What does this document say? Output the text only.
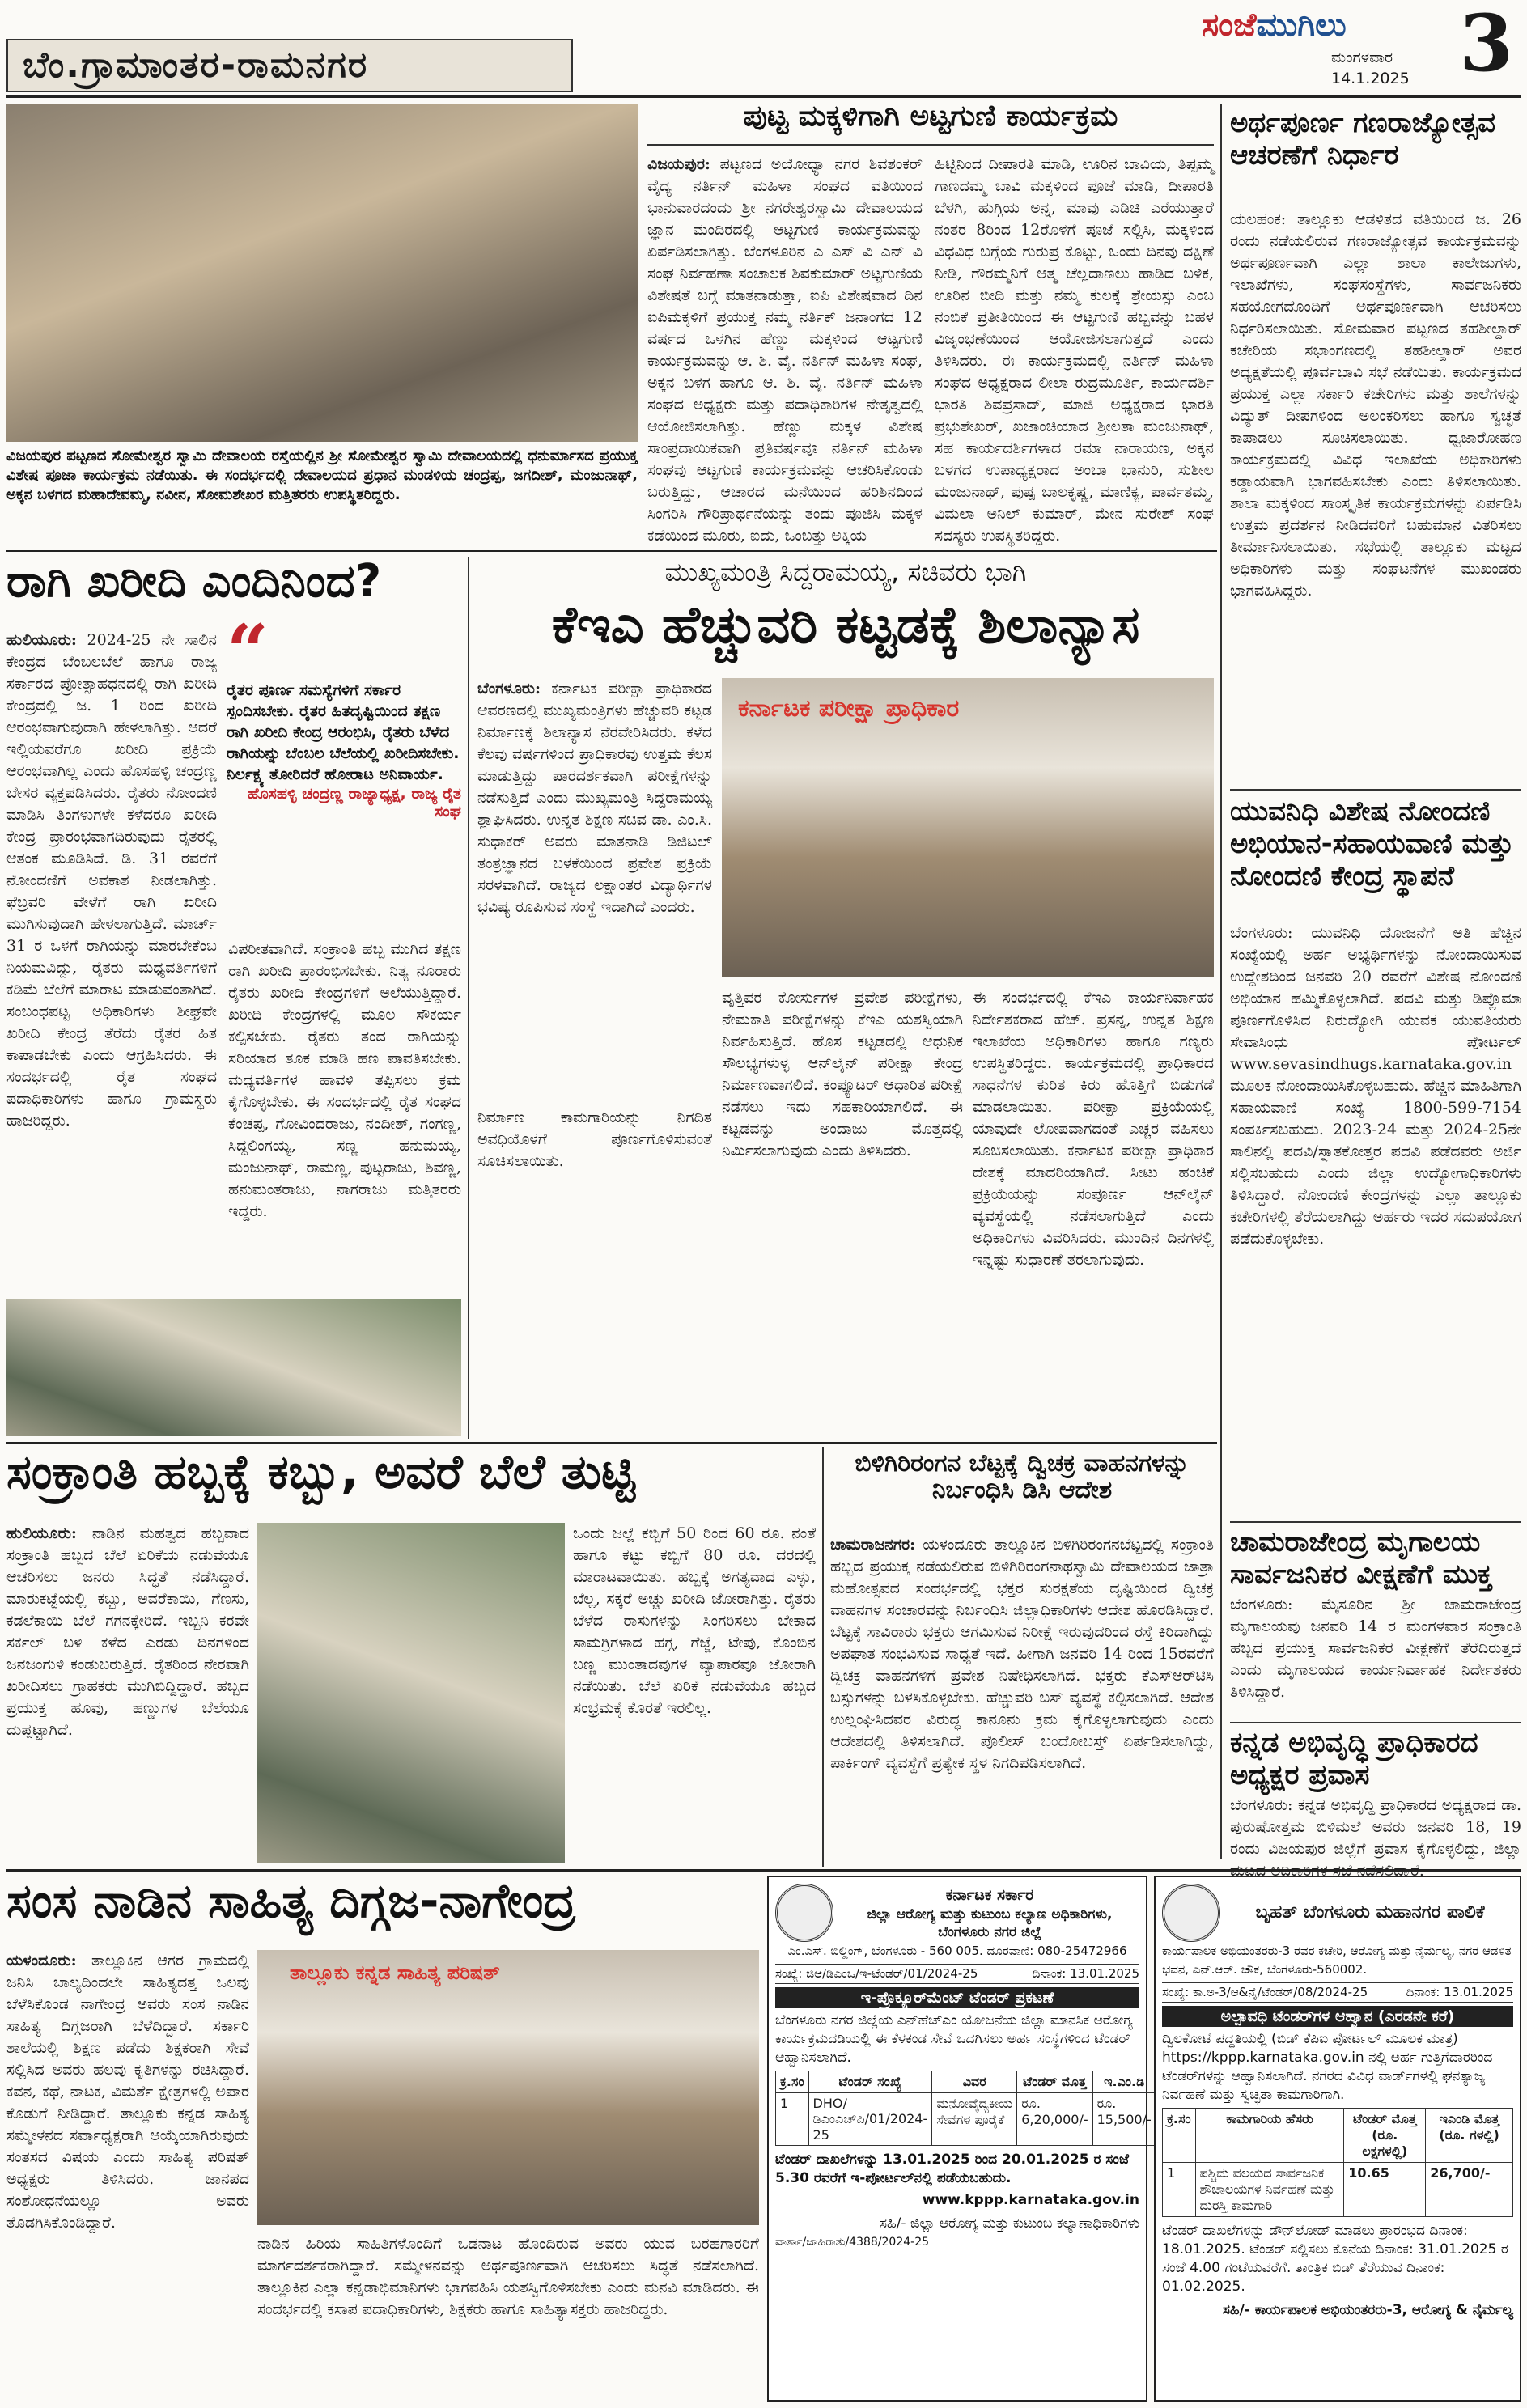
ಬೆಂ.ಗ್ರಾಮಾಂತರ-ರಾಮನಗರ
ಸಂಜೆಮುಗಿಲು
ಮಂಗಳವಾರ
14.1.2025 3
ವಿಜಯಪುರ ಪಟ್ಟಣದ ಸೋಮೇಶ್ವರ ಸ್ವಾಮಿ ದೇವಾಲಯ ರಸ್ತೆಯಲ್ಲಿನ ಶ್ರೀ ಸೋಮೇಶ್ವರ ಸ್ವಾಮಿ ದೇವಾಲಯದಲ್ಲಿ ಧನುರ್ಮಾಸದ ಪ್ರಯುಕ್ತ ವಿಶೇಷ ಪೂಜಾ ಕಾರ್ಯಕ್ರಮ ನಡೆಯಿತು. ಈ ಸಂದರ್ಭದಲ್ಲಿ ದೇವಾಲಯದ ಪ್ರಧಾನ ಮಂಡಳಿಯ ಚಂದ್ರಪ್ಪ, ಜಗದೀಶ್, ಮಂಜುನಾಥ್, ಅಕ್ಕನ ಬಳಗದ ಮಹಾದೇವಮ್ಮ, ನವೀನ, ಸೋಮಶೇಖರ ಮತ್ತಿತರರು ಉಪಸ್ಥಿತರಿದ್ದರು.
ಪುಟ್ಟ ಮಕ್ಕಳಿಗಾಗಿ ಅಟ್ಟಗುಣಿ ಕಾರ್ಯಕ್ರಮ
ವಿಜಯಪುರ: ಪಟ್ಟಣದ ಅಯೋಧ್ಯಾ ನಗರ ಶಿವಶಂಕರ್ ವೈದ್ಯ ನರ್ತಿನ್ ಮಹಿಳಾ ಸಂಘದ ವತಿಯಿಂದ ಭಾನುವಾರದಂದು ಶ್ರೀ ನಗರೇಶ್ವರಸ್ವಾಮಿ ದೇವಾಲಯದ ಜ್ಞಾನ ಮಂದಿರದಲ್ಲಿ ಆಟ್ಟಗುಣಿ ಕಾರ್ಯಕ್ರಮವನ್ನು ಏರ್ಪಡಿಸಲಾಗಿತ್ತು. ಬೆಂಗಳೂರಿನ ಎ ಎಸ್ ವಿ ಎನ್ ವಿ ಸಂಘ ನಿರ್ವಹಣಾ ಸಂಚಾಲಕ ಶಿವಕುಮಾರ್ ಅಟ್ಟಗುಣಿಯ ವಿಶೇಷತೆ ಬಗ್ಗೆ ಮಾತನಾಡುತ್ತಾ, ಐಪಿ ವಿಶೇಷವಾದ ದಿನ ಐಪಿಮಕ್ಕಳಿಗೆ ಪ್ರಯುಕ್ತ ನಮ್ಮ ನರ್ತಿಕ್ ಜನಾಂಗದ 12 ವರ್ಷದ ಒಳಗಿನ ಹೆಣ್ಣು ಮಕ್ಕಳಿಂದ ಆಟ್ಟಗುಣಿ ಕಾರ್ಯಕ್ರಮವನ್ನು ಆ. ಶಿ. ವೈ. ನರ್ತಿನ್ ಮಹಿಳಾ ಸಂಘ, ಅಕ್ಕನ ಬಳಗ ಹಾಗೂ ಆ. ಶಿ. ವೈ. ನರ್ತಿನ್ ಮಹಿಳಾ ಸಂಘದ ಅಧ್ಯಕ್ಷರು ಮತ್ತು ಪದಾಧಿಕಾರಿಗಳ ನೇತೃತ್ವದಲ್ಲಿ ಆಯೋಜಿಸಲಾಗಿತ್ತು. ಹೆಣ್ಣು ಮಕ್ಕಳ ವಿಶೇಷ ಸಾಂಪ್ರದಾಯಿಕವಾಗಿ ಪ್ರತಿವರ್ಷವೂ ನರ್ತಿನ್ ಮಹಿಳಾ ಸಂಘವು ಆಟ್ಟಗುಣಿ ಕಾರ್ಯಕ್ರಮವನ್ನು ಆಚರಿಸಿಕೊಂಡು ಬರುತ್ತಿದ್ದು, ಆಚಾರದ ಮನೆಯಿಂದ ಹರಿಶಿನದಿಂದ ಸಿಂಗರಿಸಿ ಗೌರಿಪ್ರಾರ್ಥನೆಯನ್ನು ತಂದು ಪೂಜಿಸಿ ಮಕ್ಕಳ ಕಡೆಯಿಂದ ಮೂರು, ಐದು, ಒಂಬತ್ತು ಅಕ್ಕಿಯ
ಹಿಟ್ಟಿನಿಂದ ದೀಪಾರತಿ ಮಾಡಿ, ಊರಿನ ಬಾವಿಯ, ತಿಪ್ಪಮ್ಮ ಗಾಣದಮ್ಮ ಬಾವಿ ಮಕ್ಕಳಿಂದ ಪೂಜೆ ಮಾಡಿ, ದೀಪಾರತಿ ಬೆಳಗಿ, ಹುಗ್ಗಿಯ ಅನ್ನ, ಮಾವು ಎಡಿಚಿ ಎರೆಯುತ್ತಾರೆ ನಂತರ 8ರಿಂದ 12ರೊಳಗೆ ಪೂಜೆ ಸಲ್ಲಿಸಿ, ಮಕ್ಕಳಿಂದ ವಿಧವಿಧ ಬಗ್ಗೆಯ ಗುರುಪ್ರ ಕೊಟ್ಟು, ಒಂದು ದಿನವು ದಕ್ಷಿಣೆ ನೀಡಿ, ಗೌರಮ್ಮನಿಗೆ ಆತ್ಮ ಚೆಲ್ಲದಾಣಲು ಹಾಡಿದ ಬಳಿಕ, ಊರಿನ ಬೀದಿ ಮತ್ತು ನಮ್ಮ ಕುಲಕ್ಕೆ ಶ್ರೇಯಸ್ಸು ಎಂಬ ನಂಬಿಕೆ ಪ್ರತೀತಿಯಿಂದ ಈ ಆಟ್ಟಗುಣಿ ಹಬ್ಬವನ್ನು ಬಹಳ ವಿಜೃಂಭಣೆಯಿಂದ ಆಯೋಜಿಸಲಾಗುತ್ತದೆ ಎಂದು ತಿಳಿಸಿದರು. ಈ ಕಾರ್ಯಕ್ರಮದಲ್ಲಿ ನರ್ತಿನ್ ಮಹಿಳಾ ಸಂಘದ ಅಧ್ಯಕ್ಷರಾದ ಲೀಲಾ ರುದ್ರಮೂರ್ತಿ, ಕಾರ್ಯದರ್ಶಿ ಭಾರತಿ ಶಿವಪ್ರಸಾದ್, ಮಾಜಿ ಅಧ್ಯಕ್ಷರಾದ ಭಾರತಿ ಪ್ರಭುಶೇಖರ್, ಖಜಾಂಚಿಯಾದ ಶ್ರೀಲತಾ ಮಂಜುನಾಥ್, ಸಹ ಕಾರ್ಯದರ್ಶಿಗಳಾದ ರಮಾ ನಾರಾಯಣ, ಅಕ್ಕನ ಬಳಗದ ಉಪಾಧ್ಯಕ್ಷರಾದ ಅಂಬಾ ಭಾನುರಿ, ಸುಶೀಲ ಮಂಜುನಾಥ್, ಪುಷ್ಪ ಬಾಲಕೃಷ್ಣ, ಮಾಣಿಕ್ಯ, ಪಾರ್ವತಮ್ಮ, ವಿಮಲಾ ಅನಿಲ್ ಕುಮಾರ್, ಮೇನ ಸುರೇಶ್ ಸಂಘ ಸದಸ್ಯರು ಉಪಸ್ಥಿತರಿದ್ದರು.
ಅರ್ಥಪೂರ್ಣ ಗಣರಾಜ್ಯೋತ್ಸವ ಆಚರಣೆಗೆ ನಿರ್ಧಾರ
ಯಲಹಂಕ: ತಾಲ್ಲೂಕು ಆಡಳಿತದ ವತಿಯಿಂದ ಜ. 26 ರಂದು ನಡೆಯಲಿರುವ ಗಣರಾಜ್ಯೋತ್ಸವ ಕಾರ್ಯಕ್ರಮವನ್ನು ಅರ್ಥಪೂರ್ಣವಾಗಿ ಎಲ್ಲಾ ಶಾಲಾ ಕಾಲೇಜುಗಳು, ಇಲಾಖೆಗಳು, ಸಂಘಸಂಸ್ಥೆಗಳು, ಸಾರ್ವಜನಿಕರು ಸಹಯೋಗದೊಂದಿಗೆ ಅರ್ಥಪೂರ್ಣವಾಗಿ ಆಚರಿಸಲು ನಿರ್ಧರಿಸಲಾಯಿತು. ಸೋಮವಾರ ಪಟ್ಟಣದ ತಹಶೀಲ್ದಾರ್ ಕಚೇರಿಯ ಸಭಾಂಗಣದಲ್ಲಿ ತಹಶೀಲ್ದಾರ್ ಅವರ ಅಧ್ಯಕ್ಷತೆಯಲ್ಲಿ ಪೂರ್ವಭಾವಿ ಸಭೆ ನಡೆಯಿತು. ಕಾರ್ಯಕ್ರಮದ ಪ್ರಯುಕ್ತ ಎಲ್ಲಾ ಸರ್ಕಾರಿ ಕಚೇರಿಗಳು ಮತ್ತು ಶಾಲೆಗಳನ್ನು ವಿದ್ಯುತ್ ದೀಪಗಳಿಂದ ಅಲಂಕರಿಸಲು ಹಾಗೂ ಸ್ವಚ್ಛತೆ ಕಾಪಾಡಲು ಸೂಚಿಸಲಾಯಿತು. ಧ್ವಜಾರೋಹಣ ಕಾರ್ಯಕ್ರಮದಲ್ಲಿ ವಿವಿಧ ಇಲಾಖೆಯ ಅಧಿಕಾರಿಗಳು ಕಡ್ಡಾಯವಾಗಿ ಭಾಗವಹಿಸಬೇಕು ಎಂದು ತಿಳಿಸಲಾಯಿತು. ಶಾಲಾ ಮಕ್ಕಳಿಂದ ಸಾಂಸ್ಕೃತಿಕ ಕಾರ್ಯಕ್ರಮಗಳನ್ನು ಏರ್ಪಡಿಸಿ ಉತ್ತಮ ಪ್ರದರ್ಶನ ನೀಡಿದವರಿಗೆ ಬಹುಮಾನ ವಿತರಿಸಲು ತೀರ್ಮಾನಿಸಲಾಯಿತು. ಸಭೆಯಲ್ಲಿ ತಾಲ್ಲೂಕು ಮಟ್ಟದ ಅಧಿಕಾರಿಗಳು ಮತ್ತು ಸಂಘಟನೆಗಳ ಮುಖಂಡರು ಭಾಗವಹಿಸಿದ್ದರು.
ಯುವನಿಧಿ ವಿಶೇಷ ನೋಂದಣಿ ಅಭಿಯಾನ-ಸಹಾಯವಾಣಿ ಮತ್ತು ನೋಂದಣಿ ಕೇಂದ್ರ ಸ್ಥಾಪನೆ
ಬೆಂಗಳೂರು: ಯುವನಿಧಿ ಯೋಜನೆಗೆ ಅತಿ ಹೆಚ್ಚಿನ ಸಂಖ್ಯೆಯಲ್ಲಿ ಅರ್ಹ ಅಭ್ಯರ್ಥಿಗಳನ್ನು ನೋಂದಾಯಿಸುವ ಉದ್ದೇಶದಿಂದ ಜನವರಿ 20 ರವರೆಗೆ ವಿಶೇಷ ನೋಂದಣಿ ಅಭಿಯಾನ ಹಮ್ಮಿಕೊಳ್ಳಲಾಗಿದೆ. ಪದವಿ ಮತ್ತು ಡಿಪ್ಲೊಮಾ ಪೂರ್ಣಗೊಳಿಸಿದ ನಿರುದ್ಯೋಗಿ ಯುವಕ ಯುವತಿಯರು ಸೇವಾಸಿಂಧು ಪೋರ್ಟಲ್ www.sevasindhugs.karnataka.gov.in ಮೂಲಕ ನೋಂದಾಯಿಸಿಕೊಳ್ಳಬಹುದು. ಹೆಚ್ಚಿನ ಮಾಹಿತಿಗಾಗಿ ಸಹಾಯವಾಣಿ ಸಂಖ್ಯೆ 1800-599-7154 ಸಂಪರ್ಕಿಸಬಹುದು. 2023-24 ಮತ್ತು 2024-25ನೇ ಸಾಲಿನಲ್ಲಿ ಪದವಿ/ಸ್ನಾತಕೋತ್ತರ ಪದವಿ ಪಡೆದವರು ಅರ್ಜಿ ಸಲ್ಲಿಸಬಹುದು ಎಂದು ಜಿಲ್ಲಾ ಉದ್ಯೋಗಾಧಿಕಾರಿಗಳು ತಿಳಿಸಿದ್ದಾರೆ. ನೋಂದಣಿ ಕೇಂದ್ರಗಳನ್ನು ಎಲ್ಲಾ ತಾಲ್ಲೂಕು ಕಚೇರಿಗಳಲ್ಲಿ ತೆರೆಯಲಾಗಿದ್ದು ಅರ್ಹರು ಇದರ ಸದುಪಯೋಗ ಪಡೆದುಕೊಳ್ಳಬೇಕು.
ಚಾಮರಾಜೇಂದ್ರ ಮೃಗಾಲಯ ಸಾರ್ವಜನಿಕರ ವೀಕ್ಷಣೆಗೆ ಮುಕ್ತ
ಬೆಂಗಳೂರು: ಮೈಸೂರಿನ ಶ್ರೀ ಚಾಮರಾಜೇಂದ್ರ ಮೃಗಾಲಯವು ಜನವರಿ 14 ರ ಮಂಗಳವಾರ ಸಂಕ್ರಾಂತಿ ಹಬ್ಬದ ಪ್ರಯುಕ್ತ ಸಾರ್ವಜನಿಕರ ವೀಕ್ಷಣೆಗೆ ತೆರೆದಿರುತ್ತದೆ ಎಂದು ಮೃಗಾಲಯದ ಕಾರ್ಯನಿರ್ವಾಹಕ ನಿರ್ದೇಶಕರು ತಿಳಿಸಿದ್ದಾರೆ.
ಕನ್ನಡ ಅಭಿವೃದ್ಧಿ ಪ್ರಾಧಿಕಾರದ ಅಧ್ಯಕ್ಷರ ಪ್ರವಾಸ
ಬೆಂಗಳೂರು: ಕನ್ನಡ ಅಭಿವೃದ್ಧಿ ಪ್ರಾಧಿಕಾರದ ಅಧ್ಯಕ್ಷರಾದ ಡಾ. ಪುರುಷೋತ್ತಮ ಬಿಳಿಮಲೆ ಅವರು ಜನವರಿ 18, 19 ರಂದು ವಿಜಯಪುರ ಜಿಲ್ಲೆಗೆ ಪ್ರವಾಸ ಕೈಗೊಳ್ಳಲಿದ್ದು, ಜಿಲ್ಲಾ
ರಾಗಿ ಖರೀದಿ ಎಂದಿನಿಂದ?
ಹುಲಿಯೂರು: 2024-25 ನೇ ಸಾಲಿನ ಕೇಂದ್ರದ ಬೆಂಬಲಬೆಲೆ ಹಾಗೂ ರಾಜ್ಯ ಸರ್ಕಾರದ ಪ್ರೋತ್ಸಾಹಧನದಲ್ಲಿ ರಾಗಿ ಖರೀದಿ ಕೇಂದ್ರದಲ್ಲಿ ಜ. 1 ರಿಂದ ಖರೀದಿ ಆರಂಭವಾಗುವುದಾಗಿ ಹೇಳಲಾಗಿತ್ತು. ಆದರೆ ಇಲ್ಲಿಯವರೆಗೂ ಖರೀದಿ ಪ್ರಕ್ರಿಯೆ ಆರಂಭವಾಗಿಲ್ಲ ಎಂದು ಹೊಸಹಳ್ಳಿ ಚಂದ್ರಣ್ಣ ಬೇಸರ ವ್ಯಕ್ತಪಡಿಸಿದರು. ರೈತರು ನೋಂದಣಿ ಮಾಡಿಸಿ ತಿಂಗಳುಗಳೇ ಕಳೆದರೂ ಖರೀದಿ ಕೇಂದ್ರ ಪ್ರಾರಂಭವಾಗದಿರುವುದು ರೈತರಲ್ಲಿ ಆತಂಕ ಮೂಡಿಸಿದೆ. ಡಿ. 31 ರವರೆಗೆ ನೋಂದಣಿಗೆ ಅವಕಾಶ ನೀಡಲಾಗಿತ್ತು. ಫೆಬ್ರವರಿ ವೇಳೆಗೆ ರಾಗಿ ಖರೀದಿ ಮುಗಿಸುವುದಾಗಿ ಹೇಳಲಾಗುತ್ತಿದೆ. ಮಾರ್ಚ್ 31 ರ ಒಳಗೆ ರಾಗಿಯನ್ನು ಮಾರಬೇಕೆಂಬ ನಿಯಮವಿದ್ದು, ರೈತರು ಮಧ್ಯವರ್ತಿಗಳಿಗೆ ಕಡಿಮೆ ಬೆಲೆಗೆ ಮಾರಾಟ ಮಾಡುವಂತಾಗಿದೆ. ಸಂಬಂಧಪಟ್ಟ ಅಧಿಕಾರಿಗಳು ಶೀಘ್ರವೇ ಖರೀದಿ ಕೇಂದ್ರ ತೆರೆದು ರೈತರ ಹಿತ ಕಾಪಾಡಬೇಕು ಎಂದು ಆಗ್ರಹಿಸಿದರು. ಈ ಸಂದರ್ಭದಲ್ಲಿ ರೈತ ಸಂಘದ ಪದಾಧಿಕಾರಿಗಳು ಹಾಗೂ ಗ್ರಾಮಸ್ಥರು ಹಾಜರಿದ್ದರು.
“
ರೈತರ ಪೂರ್ಣ ಸಮಸ್ಯೆಗಳಿಗೆ ಸರ್ಕಾರ ಸ್ಪಂದಿಸಬೇಕು. ರೈತರ ಹಿತದೃಷ್ಟಿಯಿಂದ ತಕ್ಷಣ ರಾಗಿ ಖರೀದಿ ಕೇಂದ್ರ ಆರಂಭಿಸಿ, ರೈತರು ಬೆಳೆದ ರಾಗಿಯನ್ನು ಬೆಂಬಲ ಬೆಲೆಯಲ್ಲಿ ಖರೀದಿಸಬೇಕು. ನಿರ್ಲಕ್ಷ್ಯ ತೋರಿದರೆ ಹೋರಾಟ ಅನಿವಾರ್ಯ.
ಹೊಸಹಳ್ಳಿ ಚಂದ್ರಣ್ಣ ರಾಜ್ಯಾಧ್ಯಕ್ಷ, ರಾಜ್ಯ ರೈತ ಸಂಘ
ವಿಪರೀತವಾಗಿದೆ. ಸಂಕ್ರಾಂತಿ ಹಬ್ಬ ಮುಗಿದ ತಕ್ಷಣ ರಾಗಿ ಖರೀದಿ ಪ್ರಾರಂಭಿಸಬೇಕು. ನಿತ್ಯ ನೂರಾರು ರೈತರು ಖರೀದಿ ಕೇಂದ್ರಗಳಿಗೆ ಅಲೆಯುತ್ತಿದ್ದಾರೆ. ಖರೀದಿ ಕೇಂದ್ರಗಳಲ್ಲಿ ಮೂಲ ಸೌಕರ್ಯ ಕಲ್ಪಿಸಬೇಕು. ರೈತರು ತಂದ ರಾಗಿಯನ್ನು ಸರಿಯಾದ ತೂಕ ಮಾಡಿ ಹಣ ಪಾವತಿಸಬೇಕು. ಮಧ್ಯವರ್ತಿಗಳ ಹಾವಳಿ ತಪ್ಪಿಸಲು ಕ್ರಮ ಕೈಗೊಳ್ಳಬೇಕು. ಈ ಸಂದರ್ಭದಲ್ಲಿ ರೈತ ಸಂಘದ ಕೆಂಚಪ್ಪ, ಗೋವಿಂದರಾಜು, ನಂದೀಶ್, ಗಂಗಣ್ಣ, ಸಿದ್ದಲಿಂಗಯ್ಯ, ಸಣ್ಣ ಹನುಮಯ್ಯ, ಮಂಜುನಾಥ್, ರಾಮಣ್ಣ, ಪುಟ್ಟರಾಜು, ಶಿವಣ್ಣ, ಹನುಮಂತರಾಜು, ನಾಗರಾಜು ಮತ್ತಿತರರು ಇದ್ದರು.
ಮುಖ್ಯಮಂತ್ರಿ ಸಿದ್ದರಾಮಯ್ಯ, ಸಚಿವರು ಭಾಗಿ
ಕೆಇಎ ಹೆಚ್ಚುವರಿ ಕಟ್ಟಡಕ್ಕೆ ಶಿಲಾನ್ಯಾಸ
ಬೆಂಗಳೂರು: ಕರ್ನಾಟಕ ಪರೀಕ್ಷಾ ಪ್ರಾಧಿಕಾರದ ಆವರಣದಲ್ಲಿ ಮುಖ್ಯಮಂತ್ರಿಗಳು ಹೆಚ್ಚುವರಿ ಕಟ್ಟಡ ನಿರ್ಮಾಣಕ್ಕೆ ಶಿಲಾನ್ಯಾಸ ನೆರವೇರಿಸಿದರು. ಕಳೆದ ಕೆಲವು ವರ್ಷಗಳಿಂದ ಪ್ರಾಧಿಕಾರವು ಉತ್ತಮ ಕೆಲಸ ಮಾಡುತ್ತಿದ್ದು ಪಾರದರ್ಶಕವಾಗಿ ಪರೀಕ್ಷೆಗಳನ್ನು ನಡೆಸುತ್ತಿದೆ ಎಂದು ಮುಖ್ಯಮಂತ್ರಿ ಸಿದ್ದರಾಮಯ್ಯ ಶ್ಲಾಘಿಸಿದರು. ಉನ್ನತ ಶಿಕ್ಷಣ ಸಚಿವ ಡಾ. ಎಂ.ಸಿ. ಸುಧಾಕರ್ ಅವರು ಮಾತನಾಡಿ ಡಿಜಿಟಲ್ ತಂತ್ರಜ್ಞಾನದ ಬಳಕೆಯಿಂದ ಪ್ರವೇಶ ಪ್ರಕ್ರಿಯೆ ಸರಳವಾಗಿದೆ. ರಾಜ್ಯದ ಲಕ್ಷಾಂತರ ವಿದ್ಯಾರ್ಥಿಗಳ ಭವಿಷ್ಯ ರೂಪಿಸುವ ಸಂಸ್ಥೆ ಇದಾಗಿದೆ ಎಂದರು.
ಕರ್ನಾಟಕ ಪರೀಕ್ಷಾ ಪ್ರಾಧಿಕಾರ
ವೃತ್ತಿಪರ ಕೋರ್ಸುಗಳ ಪ್ರವೇಶ ಪರೀಕ್ಷೆಗಳು, ನೇಮಕಾತಿ ಪರೀಕ್ಷೆಗಳನ್ನು ಕೆಇಎ ಯಶಸ್ವಿಯಾಗಿ ನಿರ್ವಹಿಸುತ್ತಿದೆ. ಹೊಸ ಕಟ್ಟಡದಲ್ಲಿ ಆಧುನಿಕ ಸೌಲಭ್ಯಗಳುಳ್ಳ ಆನ್‌ಲೈನ್ ಪರೀಕ್ಷಾ ಕೇಂದ್ರ ನಿರ್ಮಾಣವಾಗಲಿದೆ. ಕಂಪ್ಯೂಟರ್ ಆಧಾರಿತ ಪರೀಕ್ಷೆ ನಡೆಸಲು ಇದು ಸಹಕಾರಿಯಾಗಲಿದೆ. ಈ ಕಟ್ಟಡವನ್ನು ಅಂದಾಜು ಮೊತ್ತದಲ್ಲಿ ನಿರ್ಮಿಸಲಾಗುವುದು ಎಂದು ತಿಳಿಸಿದರು.
ಈ ಸಂದರ್ಭದಲ್ಲಿ ಕೆಇಎ ಕಾರ್ಯನಿರ್ವಾಹಕ ನಿರ್ದೇಶಕರಾದ ಹೆಚ್. ಪ್ರಸನ್ನ, ಉನ್ನತ ಶಿಕ್ಷಣ ಇಲಾಖೆಯ ಅಧಿಕಾರಿಗಳು ಹಾಗೂ ಗಣ್ಯರು ಉಪಸ್ಥಿತರಿದ್ದರು. ಕಾರ್ಯಕ್ರಮದಲ್ಲಿ ಪ್ರಾಧಿಕಾರದ ಸಾಧನೆಗಳ ಕುರಿತ ಕಿರು ಹೊತ್ತಿಗೆ ಬಿಡುಗಡೆ ಮಾಡಲಾಯಿತು. ಪರೀಕ್ಷಾ ಪ್ರಕ್ರಿಯೆಯಲ್ಲಿ ಯಾವುದೇ ಲೋಪವಾಗದಂತೆ ಎಚ್ಚರ ವಹಿಸಲು ಸೂಚಿಸಲಾಯಿತು. ಕರ್ನಾಟಕ ಪರೀಕ್ಷಾ ಪ್ರಾಧಿಕಾರ ದೇಶಕ್ಕೆ ಮಾದರಿಯಾಗಿದೆ. ಸೀಟು ಹಂಚಿಕೆ ಪ್ರಕ್ರಿಯೆಯನ್ನು ಸಂಪೂರ್ಣ ಆನ್‌ಲೈನ್ ವ್ಯವಸ್ಥೆಯಲ್ಲಿ ನಡೆಸಲಾಗುತ್ತಿದೆ ಎಂದು ಅಧಿಕಾರಿಗಳು ವಿವರಿಸಿದರು. ಮುಂದಿನ ದಿನಗಳಲ್ಲಿ ಇನ್ನಷ್ಟು ಸುಧಾರಣೆ ತರಲಾಗುವುದು.
ನಿರ್ಮಾಣ ಕಾಮಗಾರಿಯನ್ನು ನಿಗದಿತ ಅವಧಿಯೊಳಗೆ ಪೂರ್ಣಗೊಳಿಸುವಂತೆ ಸೂಚಿಸಲಾಯಿತು.
ಸಂಕ್ರಾಂತಿ ಹಬ್ಬಕ್ಕೆ ಕಬ್ಬು, ಅವರೆ ಬೆಲೆ ತುಟ್ಟಿ
ಹುಲಿಯೂರು: ನಾಡಿನ ಮಹತ್ವದ ಹಬ್ಬವಾದ ಸಂಕ್ರಾಂತಿ ಹಬ್ಬದ ಬೆಲೆ ಏರಿಕೆಯ ನಡುವೆಯೂ ಆಚರಿಸಲು ಜನರು ಸಿದ್ಧತೆ ನಡೆಸಿದ್ದಾರೆ. ಮಾರುಕಟ್ಟೆಯಲ್ಲಿ ಕಬ್ಬು, ಅವರೆಕಾಯಿ, ಗೆಣಸು, ಕಡಲೆಕಾಯಿ ಬೆಲೆ ಗಗನಕ್ಕೇರಿದೆ. ಇಬ್ಬನಿ ಕರವೇ ಸರ್ಕಲ್ ಬಳಿ ಕಳೆದ ಎರಡು ದಿನಗಳಿಂದ ಜನಜಂಗುಳಿ ಕಂಡುಬರುತ್ತಿದೆ. ರೈತರಿಂದ ನೇರವಾಗಿ ಖರೀದಿಸಲು ಗ್ರಾಹಕರು ಮುಗಿಬಿದ್ದಿದ್ದಾರೆ. ಹಬ್ಬದ ಪ್ರಯುಕ್ತ ಹೂವು, ಹಣ್ಣುಗಳ ಬೆಲೆಯೂ ದುಪ್ಪಟ್ಟಾಗಿದೆ.
ಒಂದು ಜಲ್ಲೆ ಕಬ್ಬಿಗೆ 50 ರಿಂದ 60 ರೂ. ನಂತೆ ಹಾಗೂ ಕಟ್ಟು ಕಬ್ಬಿಗೆ 80 ರೂ. ದರದಲ್ಲಿ ಮಾರಾಟವಾಯಿತು. ಹಬ್ಬಕ್ಕೆ ಅಗತ್ಯವಾದ ಎಳ್ಳು, ಬೆಲ್ಲ, ಸಕ್ಕರೆ ಅಚ್ಚು ಖರೀದಿ ಜೋರಾಗಿತ್ತು. ರೈತರು ಬೆಳೆದ ರಾಸುಗಳನ್ನು ಸಿಂಗರಿಸಲು ಬೇಕಾದ ಸಾಮಗ್ರಿಗಳಾದ ಹಗ್ಗ, ಗೆಜ್ಜೆ, ಟೇಪು, ಕೊಂಬಿನ ಬಣ್ಣ ಮುಂತಾದವುಗಳ ವ್ಯಾಪಾರವೂ ಜೋರಾಗಿ ನಡೆಯಿತು. ಬೆಲೆ ಏರಿಕೆ ನಡುವೆಯೂ ಹಬ್ಬದ ಸಂಭ್ರಮಕ್ಕೆ ಕೊರತೆ ಇರಲಿಲ್ಲ.
ಬಿಳಿಗಿರಿರಂಗನ ಬೆಟ್ಟಕ್ಕೆ ದ್ವಿಚಕ್ರ ವಾಹನಗಳನ್ನು ನಿರ್ಬಂಧಿಸಿ ಡಿಸಿ ಆದೇಶ
ಚಾಮರಾಜನಗರ: ಯಳಂದೂರು ತಾಲ್ಲೂಕಿನ ಬಿಳಿಗಿರಿರಂಗನಬೆಟ್ಟದಲ್ಲಿ ಸಂಕ್ರಾಂತಿ ಹಬ್ಬದ ಪ್ರಯುಕ್ತ ನಡೆಯಲಿರುವ ಬಿಳಿಗಿರಿರಂಗನಾಥಸ್ವಾಮಿ ದೇವಾಲಯದ ಜಾತ್ರಾ ಮಹೋತ್ಸವದ ಸಂದರ್ಭದಲ್ಲಿ ಭಕ್ತರ ಸುರಕ್ಷತೆಯ ದೃಷ್ಟಿಯಿಂದ ದ್ವಿಚಕ್ರ ವಾಹನಗಳ ಸಂಚಾರವನ್ನು ನಿರ್ಬಂಧಿಸಿ ಜಿಲ್ಲಾಧಿಕಾರಿಗಳು ಆದೇಶ ಹೊರಡಿಸಿದ್ದಾರೆ. ಬೆಟ್ಟಕ್ಕೆ ಸಾವಿರಾರು ಭಕ್ತರು ಆಗಮಿಸುವ ನಿರೀಕ್ಷೆ ಇರುವುದರಿಂದ ರಸ್ತೆ ಕಿರಿದಾಗಿದ್ದು ಅಪಘಾತ ಸಂಭವಿಸುವ ಸಾಧ್ಯತೆ ಇದೆ. ಹೀಗಾಗಿ ಜನವರಿ 14 ರಿಂದ 15ರವರೆಗೆ ದ್ವಿಚಕ್ರ ವಾಹನಗಳಿಗೆ ಪ್ರವೇಶ ನಿಷೇಧಿಸಲಾಗಿದೆ. ಭಕ್ತರು ಕೆಎಸ್‌ಆರ್‌ಟಿಸಿ ಬಸ್ಸುಗಳನ್ನು ಬಳಸಿಕೊಳ್ಳಬೇಕು. ಹೆಚ್ಚುವರಿ ಬಸ್ ವ್ಯವಸ್ಥೆ ಕಲ್ಪಿಸಲಾಗಿದೆ. ಆದೇಶ ಉಲ್ಲಂಘಿಸಿದವರ ವಿರುದ್ಧ ಕಾನೂನು ಕ್ರಮ ಕೈಗೊಳ್ಳಲಾಗುವುದು ಎಂದು ಆದೇಶದಲ್ಲಿ ತಿಳಿಸಲಾಗಿದೆ. ಪೊಲೀಸ್ ಬಂದೋಬಸ್ತ್ ಏರ್ಪಡಿಸಲಾಗಿದ್ದು, ಪಾರ್ಕಿಂಗ್ ವ್ಯವಸ್ಥೆಗೆ ಪ್ರತ್ಯೇಕ ಸ್ಥಳ ನಿಗದಿಪಡಿಸಲಾಗಿದೆ.
ಸಂಸ ನಾಡಿನ ಸಾಹಿತ್ಯ ದಿಗ್ಗಜ-ನಾಗೇಂದ್ರ
ಯಳಂದೂರು: ತಾಲ್ಲೂಕಿನ ಆಗರ ಗ್ರಾಮದಲ್ಲಿ ಜನಿಸಿ ಬಾಲ್ಯದಿಂದಲೇ ಸಾಹಿತ್ಯದತ್ತ ಒಲವು ಬೆಳೆಸಿಕೊಂಡ ನಾಗೇಂದ್ರ ಅವರು ಸಂಸ ನಾಡಿನ ಸಾಹಿತ್ಯ ದಿಗ್ಗಜರಾಗಿ ಬೆಳೆದಿದ್ದಾರೆ. ಸರ್ಕಾರಿ ಶಾಲೆಯಲ್ಲಿ ಶಿಕ್ಷಣ ಪಡೆದು ಶಿಕ್ಷಕರಾಗಿ ಸೇವೆ ಸಲ್ಲಿಸಿದ ಅವರು ಹಲವು ಕೃತಿಗಳನ್ನು ರಚಿಸಿದ್ದಾರೆ. ಕವನ, ಕಥೆ, ನಾಟಕ, ವಿಮರ್ಶೆ ಕ್ಷೇತ್ರಗಳಲ್ಲಿ ಅಪಾರ ಕೊಡುಗೆ ನೀಡಿದ್ದಾರೆ. ತಾಲ್ಲೂಕು ಕನ್ನಡ ಸಾಹಿತ್ಯ ಸಮ್ಮೇಳನದ ಸರ್ವಾಧ್ಯಕ್ಷರಾಗಿ ಆಯ್ಕೆಯಾಗಿರುವುದು ಸಂತಸದ ವಿಷಯ ಎಂದು ಸಾಹಿತ್ಯ ಪರಿಷತ್ ಅಧ್ಯಕ್ಷರು ತಿಳಿಸಿದರು. ಜಾನಪದ ಸಂಶೋಧನೆಯಲ್ಲೂ ಅವರು ತೊಡಗಿಸಿಕೊಂಡಿದ್ದಾರೆ.
ತಾಲ್ಲೂಕು ಕನ್ನಡ ಸಾಹಿತ್ಯ ಪರಿಷತ್
ನಾಡಿನ ಹಿರಿಯ ಸಾಹಿತಿಗಳೊಂದಿಗೆ ಒಡನಾಟ ಹೊಂದಿರುವ ಅವರು ಯುವ ಬರಹಗಾರರಿಗೆ ಮಾರ್ಗದರ್ಶಕರಾಗಿದ್ದಾರೆ. ಸಮ್ಮೇಳನವನ್ನು ಅರ್ಥಪೂರ್ಣವಾಗಿ ಆಚರಿಸಲು ಸಿದ್ಧತೆ ನಡೆಸಲಾಗಿದೆ. ತಾಲ್ಲೂಕಿನ ಎಲ್ಲಾ ಕನ್ನಡಾಭಿಮಾನಿಗಳು ಭಾಗವಹಿಸಿ ಯಶಸ್ವಿಗೊಳಿಸಬೇಕು ಎಂದು ಮನವಿ ಮಾಡಿದರು. ಈ ಸಂದರ್ಭದಲ್ಲಿ ಕಸಾಪ ಪದಾಧಿಕಾರಿಗಳು, ಶಿಕ್ಷಕರು ಹಾಗೂ ಸಾಹಿತ್ಯಾಸಕ್ತರು ಹಾಜರಿದ್ದರು.
ಕರ್ನಾಟಕ ಸರ್ಕಾರ
ಜಿಲ್ಲಾ ಆರೋಗ್ಯ ಮತ್ತು ಕುಟುಂಬ ಕಲ್ಯಾಣ ಅಧಿಕಾರಿಗಳು, ಬೆಂಗಳೂರು ನಗರ ಜಿಲ್ಲೆ
ಎಂ.ಎಸ್. ಬಿಲ್ಡಿಂಗ್, ಬೆಂಗಳೂರು - 560 005. ದೂರವಾಣಿ: 080-25472966
ಸಂಖ್ಯೆ: ಜಿಆ/ಡಿಎಂಒ/ಇ-ಟೆಂಡರ್/01/2024-25	ದಿನಾಂಕ: 13.01.2025
ಇ-ಪ್ರೊಕ್ಯೂರ್‌ಮೆಂಟ್ ಟೆಂಡರ್ ಪ್ರಕಟಣೆ
ಬೆಂಗಳೂರು ನಗರ ಜಿಲ್ಲೆಯ ಎನ್‌ಹೆಚ್‌ಎಂ ಯೋಜನೆಯ ಜಿಲ್ಲಾ ಮಾನಸಿಕ ಆರೋಗ್ಯ ಕಾರ್ಯಕ್ರಮದಡಿಯಲ್ಲಿ ಈ ಕೆಳಕಂಡ ಸೇವೆ ಒದಗಿಸಲು ಅರ್ಹ ಸಂಸ್ಥೆಗಳಿಂದ ಟೆಂಡರ್ ಆಹ್ವಾನಿಸಲಾಗಿದೆ.
ಕ್ರ.ಸಂ	ಟೆಂಡರ್ ಸಂಖ್ಯೆ	ವಿವರ	ಟೆಂಡರ್ ಮೊತ್ತ	ಇ.ಎಂ.ಡಿ
1	DHO/ಡಿಎಂಎಚ್‌ಪಿ/01/2024-25	ಮನೋವೈದ್ಯಕೀಯ ಸೇವೆಗಳ ಪೂರೈಕೆ	ರೂ. 6,20,000/-	ರೂ. 15,500/-
ಟೆಂಡರ್ ದಾಖಲೆಗಳನ್ನು 13.01.2025 ರಿಂದ 20.01.2025 ರ ಸಂಜೆ 5.30 ರವರೆಗೆ ಇ-ಪೋರ್ಟಲ್‌ನಲ್ಲಿ ಪಡೆಯಬಹುದು.
www.kppp.karnataka.gov.in
ಸಹಿ/- ಜಿಲ್ಲಾ ಆರೋಗ್ಯ ಮತ್ತು ಕುಟುಂಬ ಕಲ್ಯಾಣಾಧಿಕಾರಿಗಳು
ವಾರ್ತಾ/ಜಾಹಿರಾತು/4388/2024-25
ಬೃಹತ್ ಬೆಂಗಳೂರು ಮಹಾನಗರ ಪಾಲಿಕೆ
ಕಾರ್ಯಪಾಲಕ ಅಭಿಯಂತರರು-3 ರವರ ಕಚೇರಿ, ಆರೋಗ್ಯ ಮತ್ತು ನೈರ್ಮಲ್ಯ, ನಗರ ಆಡಳಿತ ಭವನ, ಎನ್.ಆರ್. ಚೌಕ, ಬೆಂಗಳೂರು-560002.
ಸಂಖ್ಯೆ: ಕಾ.ಅ-3/ಆ&ನೈ/ಟೆಂಡರ್/08/2024-25	ದಿನಾಂಕ: 13.01.2025
ಅಲ್ಪಾವಧಿ ಟೆಂಡರ್‌ಗಳ ಆಹ್ವಾನ (ಎರಡನೇ ಕರೆ)
ದ್ವಿಲಕೋಟೆ ಪದ್ಧತಿಯಲ್ಲಿ (ಬಿಡ್ ಕೆಪಿಐ ಪೋರ್ಟಲ್ ಮೂಲಕ ಮಾತ್ರ) https://kppp.karnataka.gov.in ನಲ್ಲಿ ಅರ್ಹ ಗುತ್ತಿಗೆದಾರರಿಂದ ಟೆಂಡರ್‌ಗಳನ್ನು ಆಹ್ವಾನಿಸಲಾಗಿದೆ. ನಗರದ ವಿವಿಧ ವಾರ್ಡ್‌ಗಳಲ್ಲಿ ಘನತ್ಯಾಜ್ಯ ನಿರ್ವಹಣೆ ಮತ್ತು ಸ್ವಚ್ಛತಾ ಕಾಮಗಾರಿಗಾಗಿ.
ಕ್ರ.ಸಂ	ಕಾಮಗಾರಿಯ ಹೆಸರು	ಟೆಂಡರ್ ಮೊತ್ತ (ರೂ. ಲಕ್ಷಗಳಲ್ಲಿ)	ಇಎಂಡಿ ಮೊತ್ತ (ರೂ. ಗಳಲ್ಲಿ)
1	ಪಶ್ಚಿಮ ವಲಯದ ಸಾರ್ವಜನಿಕ ಶೌಚಾಲಯಗಳ ನಿರ್ವಹಣೆ ಮತ್ತು ದುರಸ್ತಿ ಕಾಮಗಾರಿ	10.65	26,700/-
ಟೆಂಡರ್ ದಾಖಲೆಗಳನ್ನು ಡೌನ್‌ಲೋಡ್ ಮಾಡಲು ಪ್ರಾರಂಭದ ದಿನಾಂಕ: 18.01.2025. ಟೆಂಡರ್ ಸಲ್ಲಿಸಲು ಕೊನೆಯ ದಿನಾಂಕ: 31.01.2025 ರ ಸಂಜೆ 4.00 ಗಂಟೆಯವರೆಗೆ. ತಾಂತ್ರಿಕ ಬಿಡ್ ತೆರೆಯುವ ದಿನಾಂಕ: 01.02.2025.
ಸಹಿ/- ಕಾರ್ಯಪಾಲಕ ಅಭಿಯಂತರರು-3, ಆರೋಗ್ಯ & ನೈರ್ಮಲ್ಯ
